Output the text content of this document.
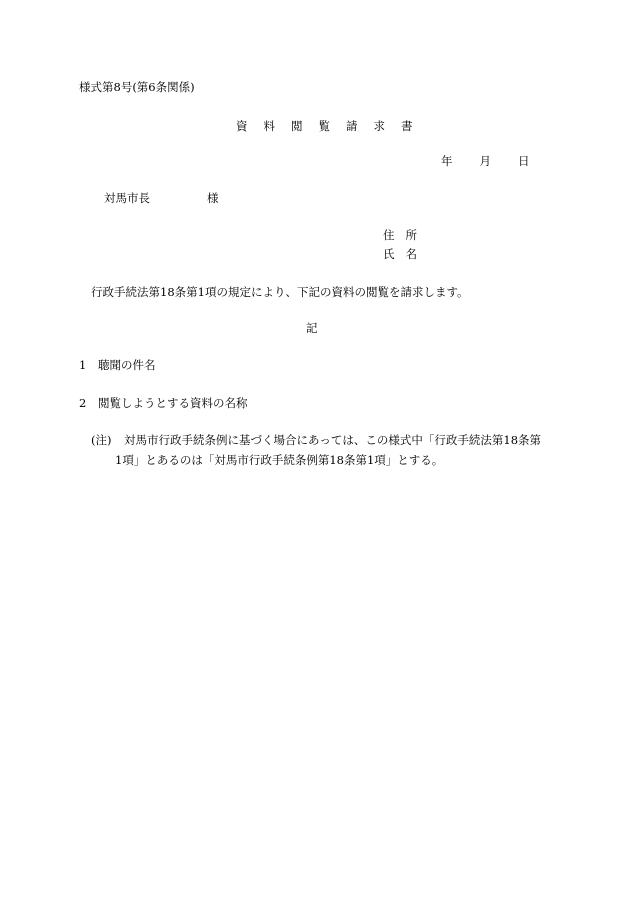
様式第8号(第6条関係)
資 料 閲 覧 請 求 書
年 月 日
対馬市長	様
住 所
氏 名
行政手続法第18条第1項の規定により、下記の資料の閲覧を請求します。
記
1 聴聞の件名
2 閲覧しようとする資料の名称
(注) 対馬市行政手続条例に基づく場合にあっては、この様式中「行政手続法第18条第
1項」とあるのは「対馬市行政手続条例第18条第1項」とする。
